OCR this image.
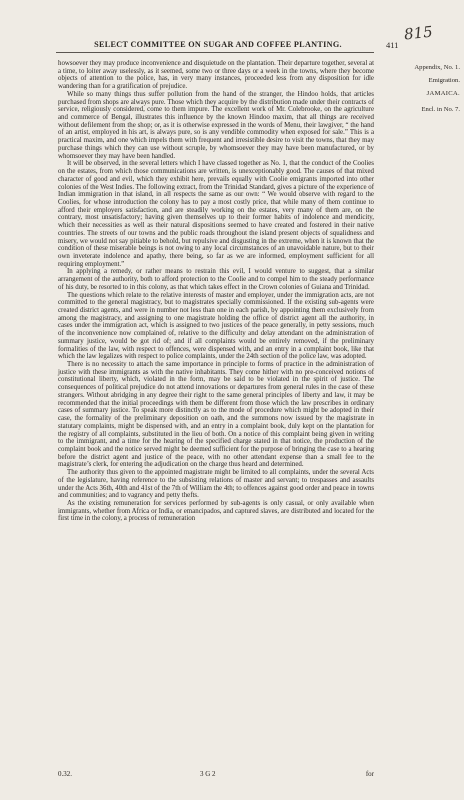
SELECT COMMITTEE ON SUGAR AND COFFEE PLANTING.	411
815
Appendix, No. 1.
Emigration.
JAMAICA.
Encl. in No. 7.

howsoever they may produce inconvenience and disquietude on the plantation. Their departure together, several at a time, to loiter away uselessly, as it seemed, some two or three days or a week in the towns, where they become objects of attention to the police, has, in very many instances, proceeded less from any disposition for idle wandering than for a gratification of prejudice.

While so many things thus suffer pollution from the hand of the stranger, the Hindoo holds, that articles purchased from shops are always pure. Those which they acquire by the distribution made under their contracts of service, religiously considered, come to them impure. The excellent work of Mr. Colebrooke, on the agriculture and commerce of Bengal, illustrates this influence by the known Hindoo maxim, that all things are received without defilement from the shop; or, as it is otherwise expressed in the words of Menu, their lawgiver, “ the hand of an artist, employed in his art, is always pure, so is any vendible commodity when exposed for sale.” This is a practical maxim, and one which impels them with frequent and irresistible desire to visit the towns, that they may purchase things which they can use without scruple, by whomsoever they may have been manufactured, or by whomsoever they may have been handled.

It will be observed, in the several letters which I have classed together as No. 1, that the conduct of the Coolies on the estates, from which those communications are written, is unexceptionably good. The causes of that mixed character of good and evil, which they exhibit here, prevails equally with Coolie emigrants imported into other colonies of the West Indies. The following extract, from the Trinidad Standard, gives a picture of the experience of Indian immigration in that island, in all respects the same as our own: “ We would observe with regard to the Coolies, for whose introduction the colony has to pay a most costly price, that while many of them continue to afford their employers satisfaction, and are steadily working on the estates, very many of them are, on the contrary, most unsatisfactory; having given themselves up to their former habits of indolence and mendicity, which their necessities as well as their natural dispositions seemed to have created and fostered in their native countries. The streets of our towns and the public roads throughout the island present objects of squalidness and misery, we would not say pitiable to behold, but repulsive and disgusting in the extreme, when it is known that the condition of these miserable beings is not owing to any local circumstances of an unavoidable nature, but to their own inveterate indolence and apathy, there being, so far as we are informed, employment sufficient for all requiring employment.”

In applying a remedy, or rather means to restrain this evil, I would venture to suggest, that a similar arrangement of the authority, both to afford protection to the Coolie and to compel him to the steady performance of his duty, be resorted to in this colony, as that which takes effect in the Crown colonies of Guiana and Trinidad.

The questions which relate to the relative interests of master and employer, under the immigration acts, are not committed to the general magistracy, but to magistrates specially commissioned. If the existing sub-agents were created district agents, and were in number not less than one in each parish, by appointing them exclusively from among the magistracy, and assigning to one magistrate holding the office of district agent all the authority, in cases under the immigration act, which is assigned to two justices of the peace generally, in petty sessions, much of the inconvenience now complained of, relative to the difficulty and delay attendant on the administration of summary justice, would be got rid of; and if all complaints would be entirely removed, if the preliminary formalities of the law, with respect to offences, were dispensed with, and an entry in a complaint book, like that which the law legalizes with respect to police complaints, under the 24th section of the police law, was adopted.

There is no necessity to attach the same importance in principle to forms of practice in the administration of justice with these immigrants as with the native inhabitants. They come hither with no pre-conceived notions of constitutional liberty, which, violated in the form, may be said to be violated in the spirit of justice. The consequences of political prejudice do not attend innovations or departures from general rules in the case of these strangers. Without abridging in any degree their right to the same general principles of liberty and law, it may be recommended that the initial proceedings with them be different from those which the law prescribes in ordinary cases of summary justice. To speak more distinctly as to the mode of procedure which might be adopted in their case, the formality of the preliminary deposition on oath, and the summons now issued by the magistrate in statutary complaints, might be dispensed with, and an entry in a complaint book, duly kept on the plantation for the registry of all complaints, substituted in the lieu of both. On a notice of this complaint being given in writing to the immigrant, and a time for the hearing of the specified charge stated in that notice, the production of the complaint book and the notice served might be deemed sufficient for the purpose of bringing the case to a hearing before the district agent and justice of the peace, with no other attendant expense than a small fee to the magistrate’s clerk, for entering the adjudication on the charge thus heard and determined.

The authority thus given to the appointed magistrate might be limited to all complaints, under the several Acts of the legislature, having reference to the subsisting relations of master and servant; to trespasses and assaults under the Acts 36th, 40th and 41st of the 7th of William the 4th; to offences against good order and peace in towns and communities; and to vagrancy and petty thefts.

As the existing remuneration for services performed by sub-agents is only casual, or only available when immigrants, whether from Africa or India, or emancipados, and captured slaves, are distributed and located for the first time in the colony, a process of remuneration

0.32.	3 G 2	for
